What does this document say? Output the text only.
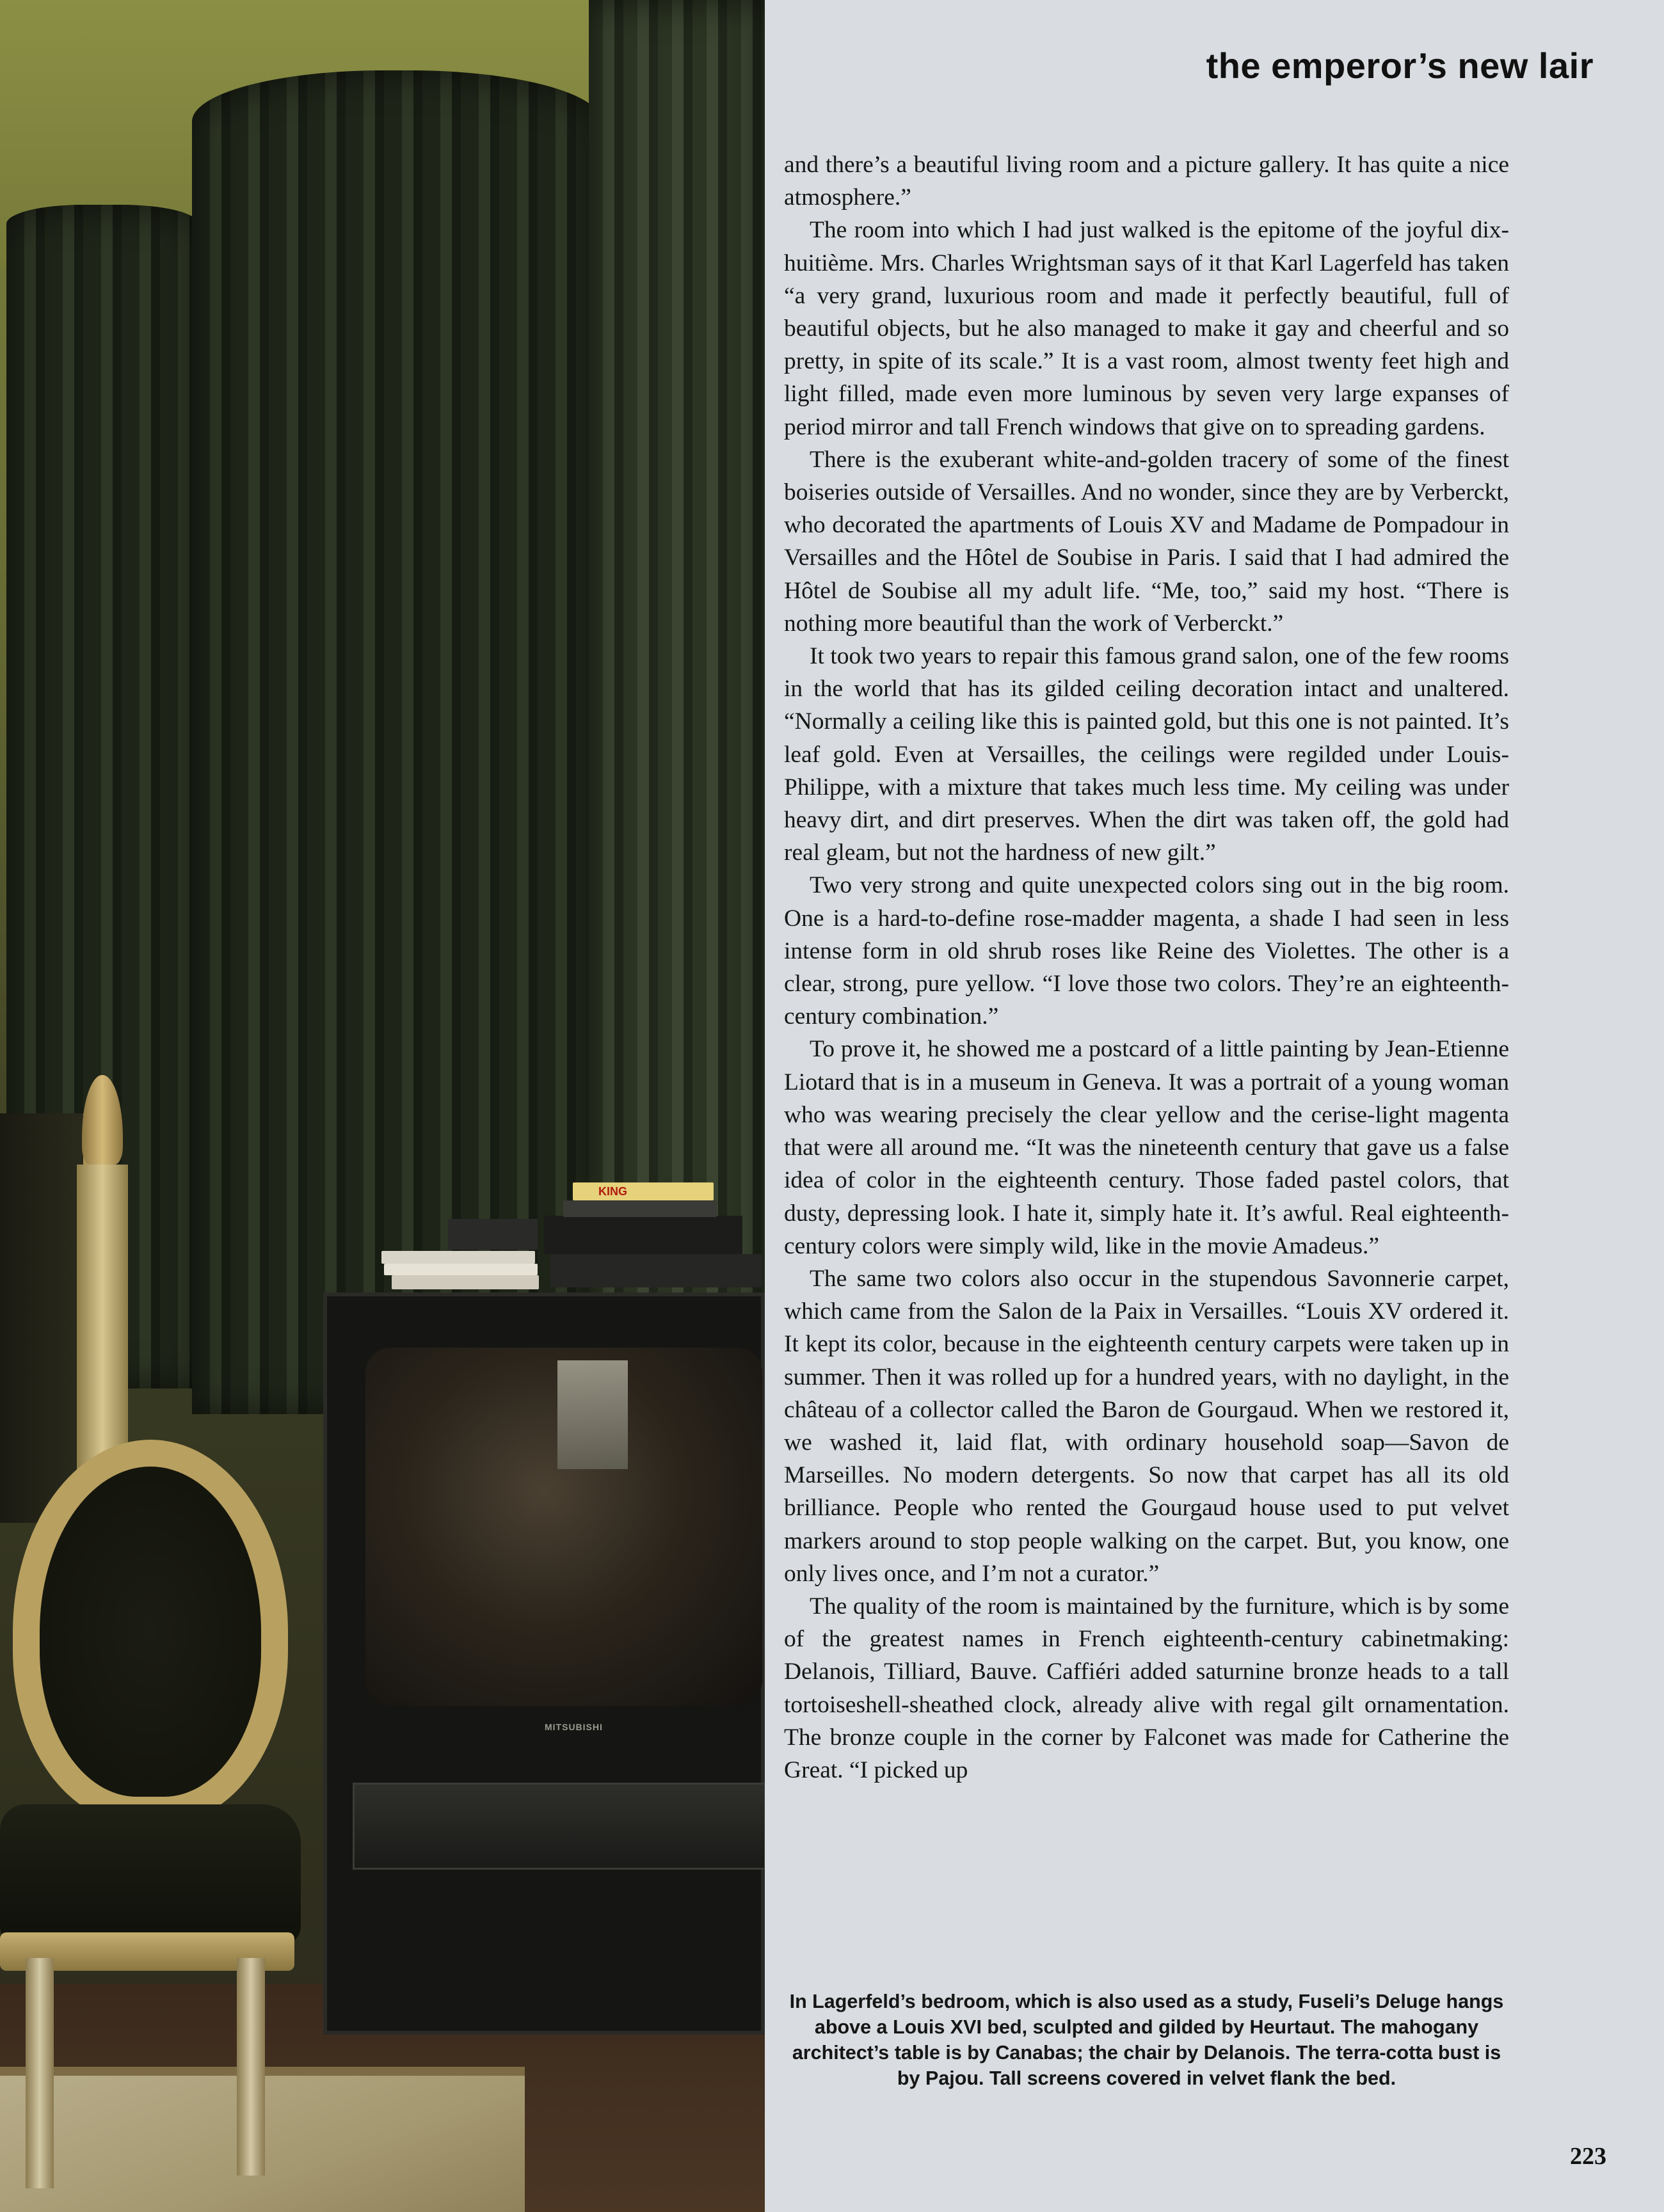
KING
MITSUBISHI
the emperor’s new lair

and there’s a beautiful living room and a picture gallery. It has quite a nice atmosphere.”

The room into which I had just walked is the epitome of the joyful dix-huitième. Mrs. Charles Wrightsman says of it that Karl Lagerfeld has taken “a very grand, luxurious room and made it perfectly beautiful, full of beautiful objects, but he also managed to make it gay and cheerful and so pretty, in spite of its scale.” It is a vast room, almost twenty feet high and light filled, made even more luminous by seven very large expanses of period mirror and tall French windows that give on to spreading gardens.

There is the exuberant white-and-golden tracery of some of the finest boiseries outside of Versailles. And no wonder, since they are by Verberckt, who decorated the apartments of Louis XV and Madame de Pompadour in Versailles and the Hôtel de Soubise in Paris. I said that I had admired the Hôtel de Soubise all my adult life. “Me, too,” said my host. “There is nothing more beautiful than the work of Verberckt.”

It took two years to repair this famous grand salon, one of the few rooms in the world that has its gilded ceiling decoration intact and unaltered. “Normally a ceiling like this is painted gold, but this one is not painted. It’s leaf gold. Even at Versailles, the ceilings were regilded under Louis-Philippe, with a mixture that takes much less time. My ceiling was under heavy dirt, and dirt preserves. When the dirt was taken off, the gold had real gleam, but not the hardness of new gilt.”

Two very strong and quite unexpected colors sing out in the big room. One is a hard-to-define rose-madder magenta, a shade I had seen in less intense form in old shrub roses like Reine des Violettes. The other is a clear, strong, pure yellow. “I love those two colors. They’re an eighteenth-century combination.”

To prove it, he showed me a postcard of a little painting by Jean-Etienne Liotard that is in a museum in Geneva. It was a portrait of a young woman who was wearing precisely the clear yellow and the cerise-light magenta that were all around me. “It was the nineteenth century that gave us a false idea of color in the eighteenth century. Those faded pastel colors, that dusty, depressing look. I hate it, simply hate it. It’s awful. Real eighteenth-century colors were simply wild, like in the movie Amadeus.”

The same two colors also occur in the stupendous Savonnerie carpet, which came from the Salon de la Paix in Versailles. “Louis XV ordered it. It kept its color, because in the eighteenth century carpets were taken up in summer. Then it was rolled up for a hundred years, with no daylight, in the château of a collector called the Baron de Gourgaud. When we restored it, we washed it, laid flat, with ordinary household soap—Savon de Marseilles. No modern detergents. So now that carpet has all its old brilliance. People who rented the Gourgaud house used to put velvet markers around to stop people walking on the carpet. But, you know, one only lives once, and I’m not a curator.”

The quality of the room is maintained by the furniture, which is by some of the greatest names in French eighteenth-century cabinetmaking: Delanois, Tilliard, Bauve. Caffiéri added saturnine bronze heads to a tall tortoiseshell-sheathed clock, already alive with regal gilt ornamentation. The bronze couple in the corner by Falconet was made for Catherine the Great. “I picked up

In Lagerfeld’s bedroom, which is also used as a study, Fuseli’s Deluge hangs above a Louis XVI bed, sculpted and gilded by Heurtaut. The mahogany architect’s table is by Canabas; the chair by Delanois. The terra-cotta bust is by Pajou. Tall screens covered in velvet flank the bed.
223
